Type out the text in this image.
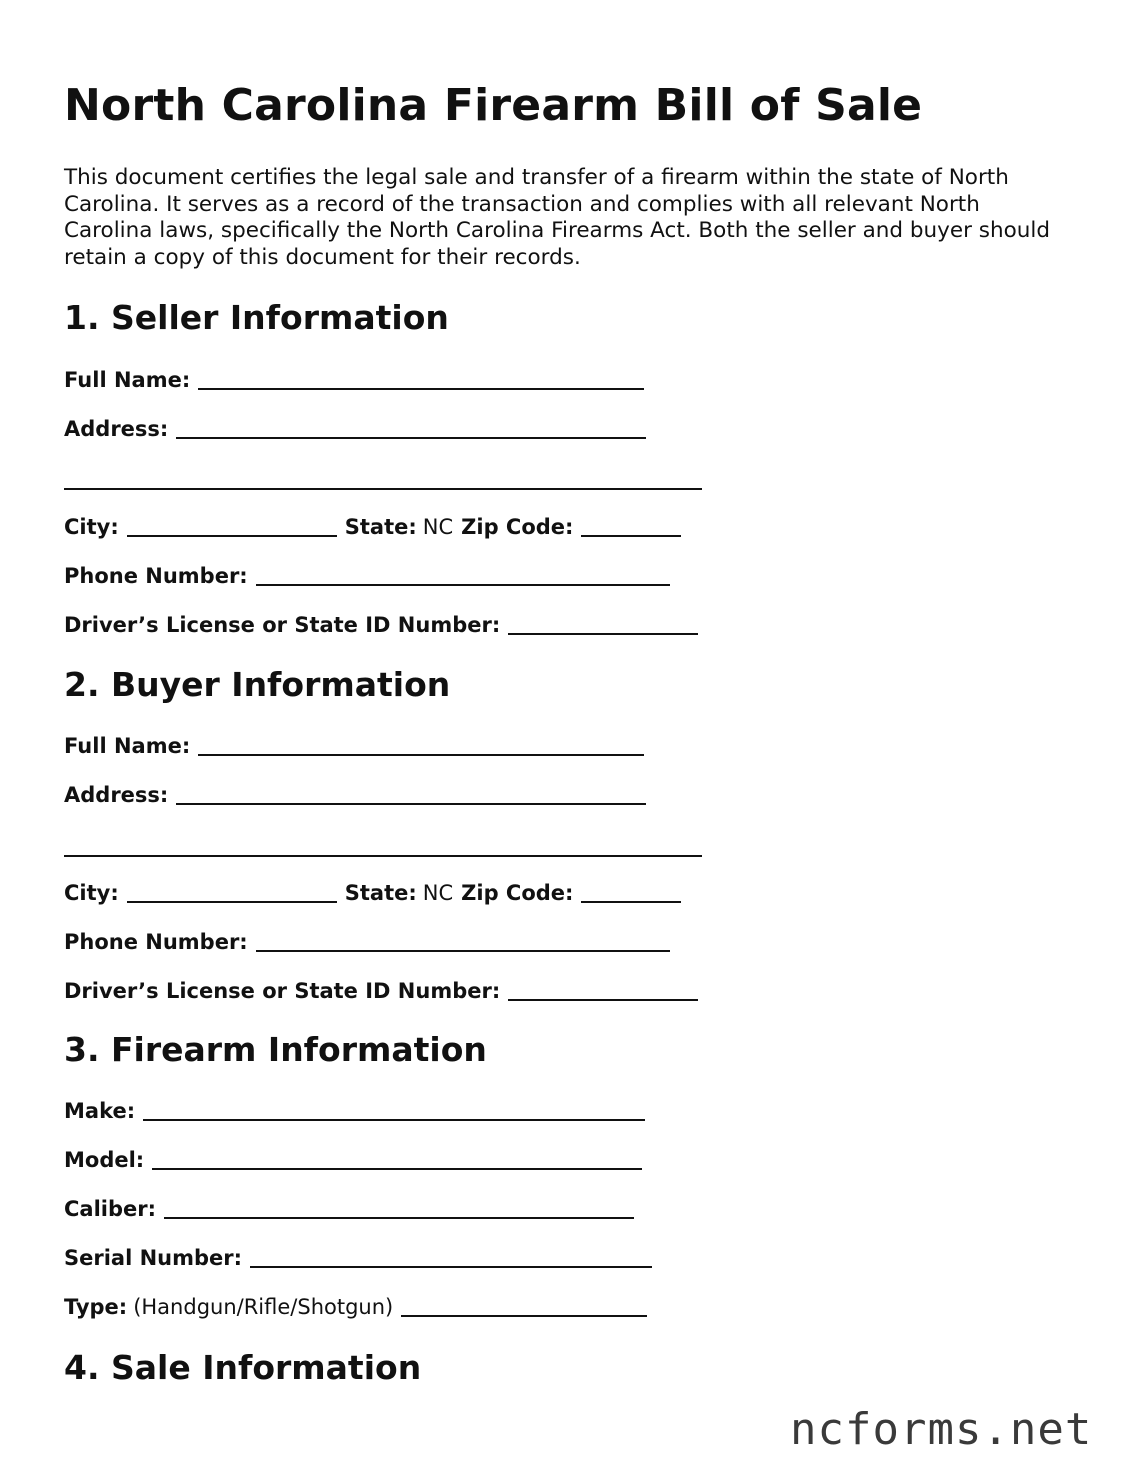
North Carolina Firearm Bill of Sale

This document certifies the legal sale and transfer of a firearm within the state of North Carolina. It serves as a record of the transaction and complies with all relevant North Carolina laws, specifically the North Carolina Firearms Act. Both the seller and buyer should retain a copy of this document for their records.

1. Seller Information
Full Name:
Address:
City:	State: NC Zip Code:
Phone Number:
Driver’s License or State ID Number:
2. Buyer Information
Full Name:
Address:
City:	State: NC Zip Code:
Phone Number:
Driver’s License or State ID Number:
3. Firearm Information
Make:
Model:
Caliber:
Serial Number:
Type: (Handgun/Rifle/Shotgun)
4. Sale Information
ncforms.net
